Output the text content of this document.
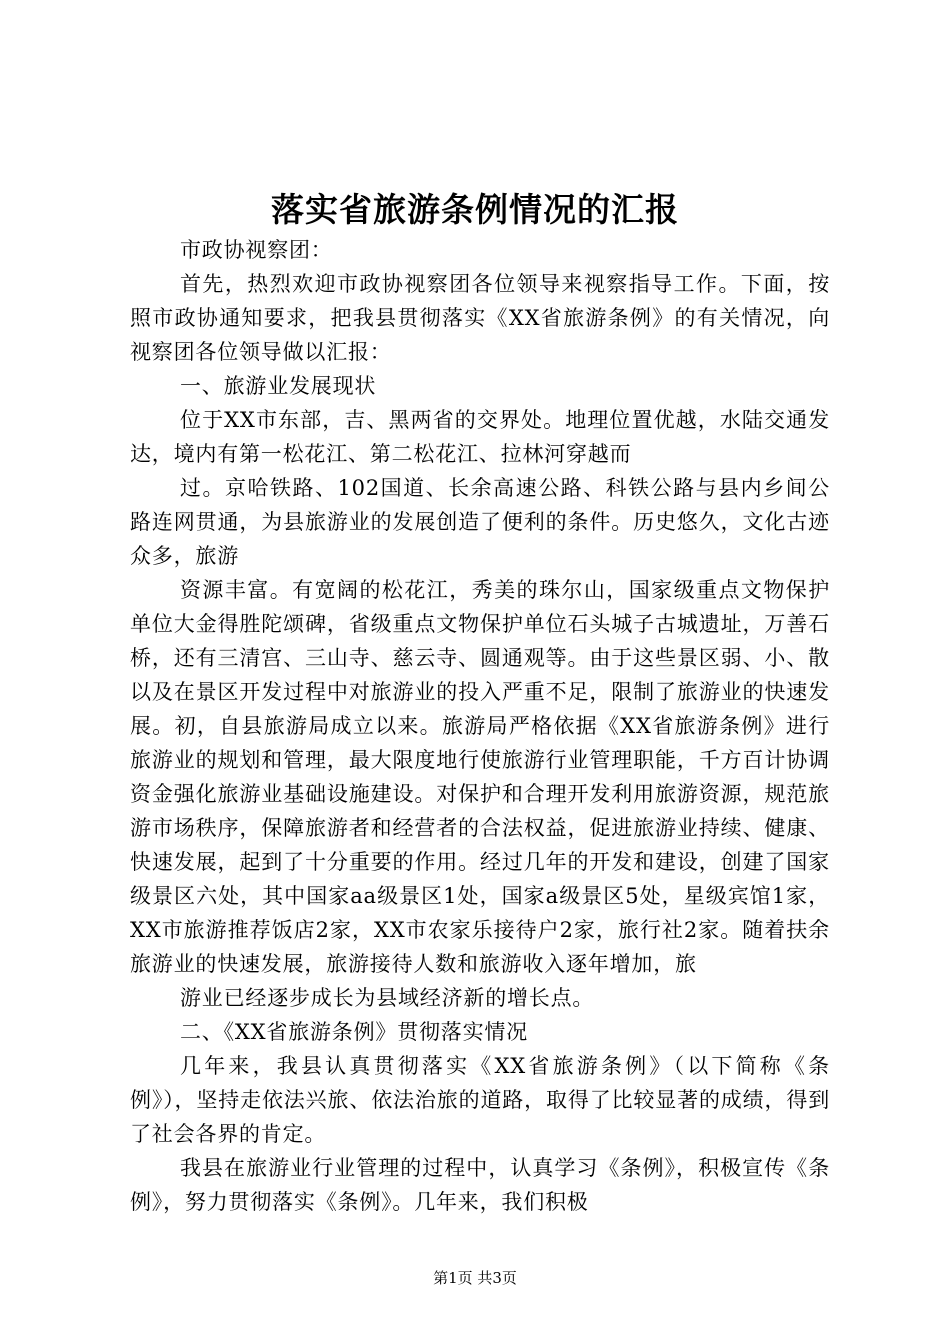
落实省旅游条例情况的汇报

市政协视察团：

首先，热烈欢迎市政协视察团各位领导来视察指导工作。下面，按照市政协通知要求，把我县贯彻落实《XX省旅游条例》的有关情况，向视察团各位领导做以汇报：

一、旅游业发展现状

位于XX市东部，吉、黑两省的交界处。地理位置优越，水陆交通发达，境内有第一松花江、第二松花江、拉林河穿越而

过。京哈铁路、102国道、长余高速公路、科铁公路与县内乡间公路连网贯通，为县旅游业的发展创造了便利的条件。历史悠久，文化古迹众多，旅游

资源丰富。有宽阔的松花江，秀美的珠尔山，国家级重点文物保护单位大金得胜陀颂碑，省级重点文物保护单位石头城子古城遗址，万善石桥，还有三清宫、三山寺、慈云寺、圆通观等。由于这些景区弱、小、散以及在景区开发过程中对旅游业的投入严重不足，限制了旅游业的快速发展。初，自县旅游局成立以来。旅游局严格依据《XX省旅游条例》进行旅游业的规划和管理，最大限度地行使旅游行业管理职能，千方百计协调资金强化旅游业基础设施建设。对保护和合理开发利用旅游资源，规范旅游市场秩序，保障旅游者和经营者的合法权益，促进旅游业持续、健康、快速发展，起到了十分重要的作用。经过几年的开发和建设，创建了国家级景区六处，其中国家aa级景区1处，国家a级景区5处，星级宾馆1家，XX市旅游推荐饭店2家，XX市农家乐接待户2家，旅行社2家。随着扶余旅游业的快速发展，旅游接待人数和旅游收入逐年增加，旅

游业已经逐步成长为县域经济新的增长点。

二、《XX省旅游条例》贯彻落实情况

几年来，我县认真贯彻落实《XX省旅游条例》（以下简称《条例》），坚持走依法兴旅、依法治旅的道路，取得了比较显著的成绩，得到了社会各界的肯定。

我县在旅游业行业管理的过程中，认真学习《条例》，积极宣传《条例》，努力贯彻落实《条例》。几年来，我们积极

第1页 共3页
